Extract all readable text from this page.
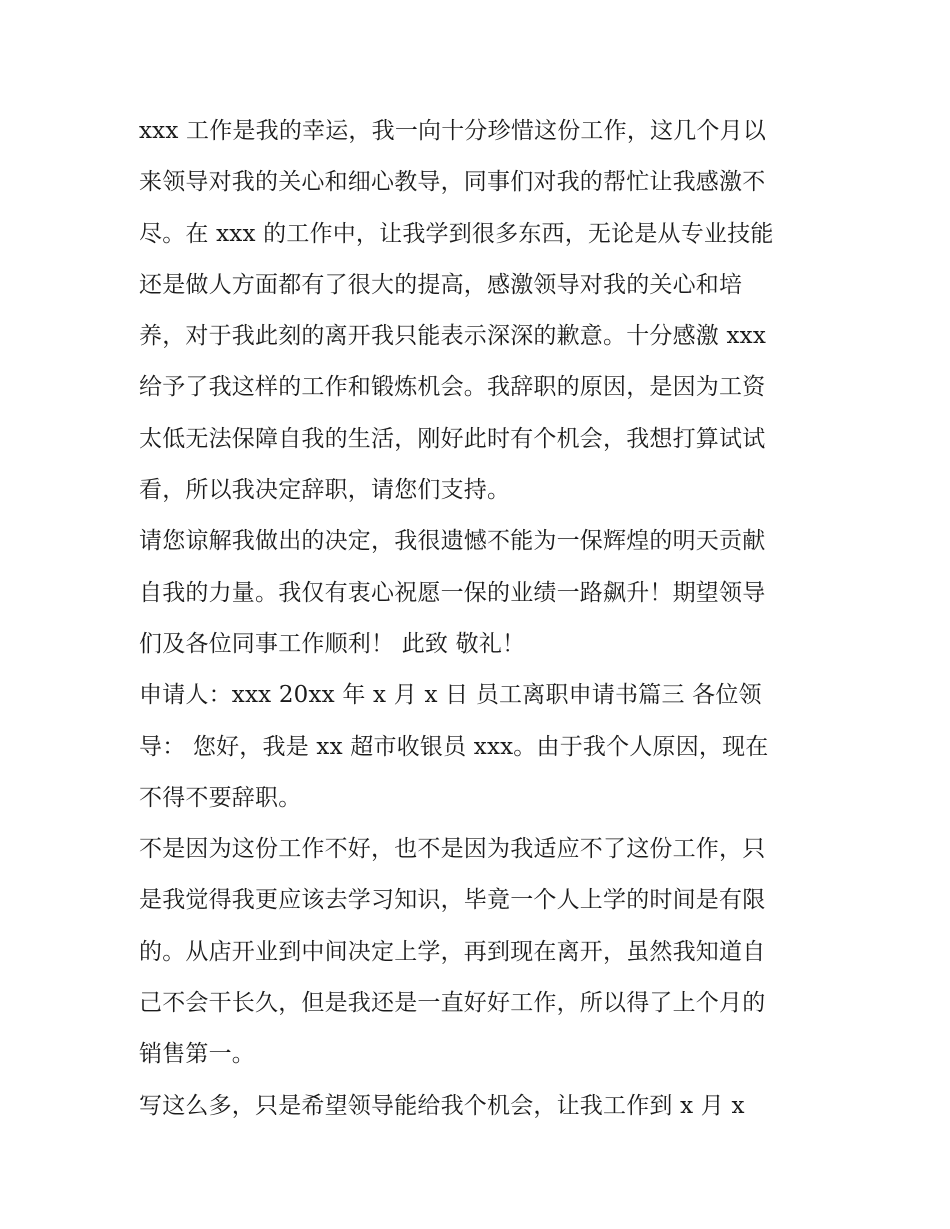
xxx 工作是我的幸运，我一向十分珍惜这份工作，这几个月以
来领导对我的关心和细心教导，同事们对我的帮忙让我感激不
尽。在 xxx 的工作中，让我学到很多东西，无论是从专业技能
还是做人方面都有了很大的提高，感激领导对我的关心和培
养，对于我此刻的离开我只能表示深深的歉意。十分感激 xxx
给予了我这样的工作和锻炼机会。我辞职的原因，是因为工资
太低无法保障自我的生活，刚好此时有个机会，我想打算试试
看，所以我决定辞职，请您们支持。
请您谅解我做出的决定，我很遗憾不能为一保辉煌的明天贡献
自我的力量。我仅有衷心祝愿一保的业绩一路飙升！期望领导
们及各位同事工作顺利！ 此致 敬礼！
申请人：xxx 20xx 年 x 月 x 日 员工离职申请书篇三 各位领
导： 您好，我是 xx 超市收银员 xxx。由于我个人原因，现在
不得不要辞职。
不是因为这份工作不好，也不是因为我适应不了这份工作，只
是我觉得我更应该去学习知识，毕竟一个人上学的时间是有限
的。从店开业到中间决定上学，再到现在离开，虽然我知道自
己不会干长久，但是我还是一直好好工作，所以得了上个月的
销售第一。
写这么多，只是希望领导能给我个机会，让我工作到 x 月 x
